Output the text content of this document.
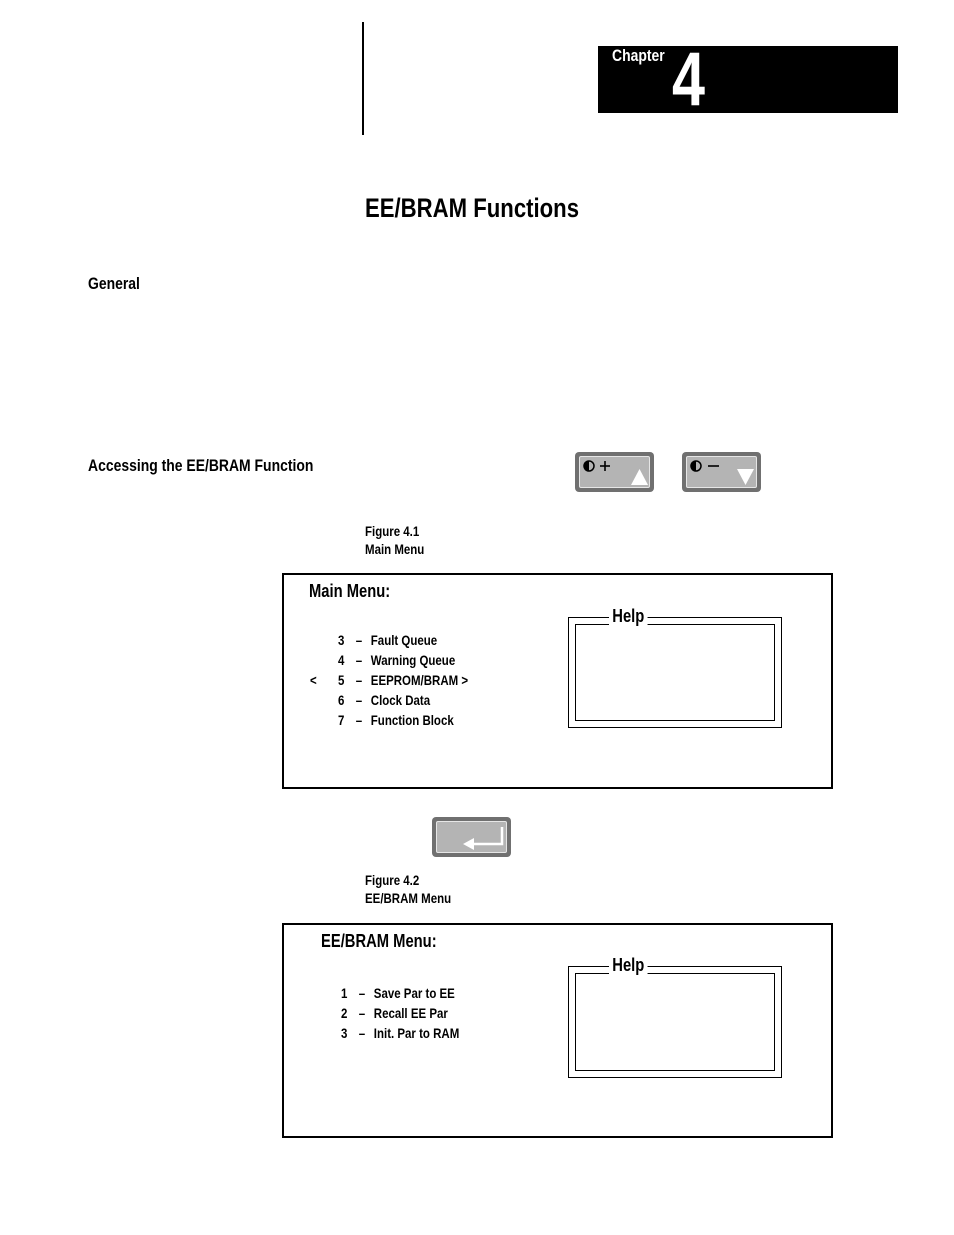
Chapter 4
EE/BRAM Functions
General
Accessing the EE/BRAM Function
Figure 4.1
Main Menu
Main Menu:
<
3 – Fault Queue
4 – Warning Queue
5 – EEPROM/BRAM >
6 – Clock Data
7 – Function Block
Help
Figure 4.2
EE/BRAM Menu
EE/BRAM Menu:
1 – Save Par to EE
2 – Recall EE Par
3 – Init. Par to RAM
Help
